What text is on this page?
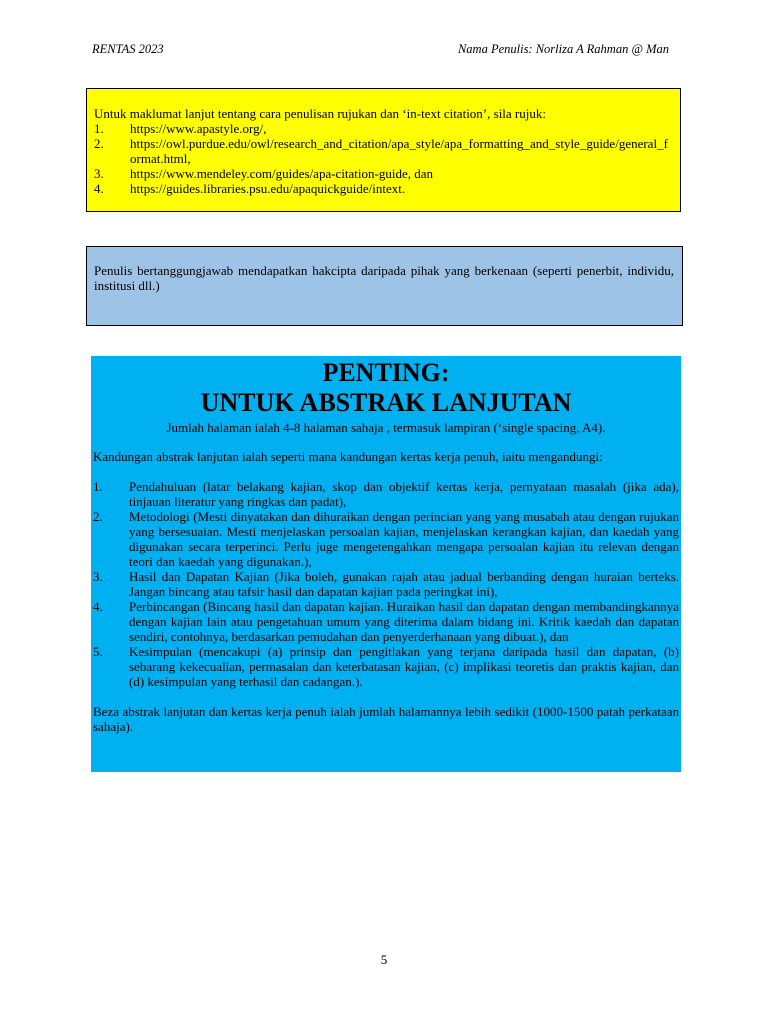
RENTAS 2023	Nama Penulis: Norliza A Rahman @ Man
Untuk maklumat lanjut tentang cara penulisan rujukan dan ‘in-text citation’, sila rujuk:
1.	https://www.apastyle.org/,
2.	https://owl.purdue.edu/owl/research_and_citation/apa_style/apa_formatting_and_style_guide/general_format.html,
3.	https://www.mendeley.com/guides/apa-citation-guide, dan
4.	https://guides.libraries.psu.edu/apaquickguide/intext.
Penulis bertanggungjawab mendapatkan hakcipta daripada pihak yang berkenaan (seperti penerbit, individu, institusi dll.)
PENTING:
UNTUK ABSTRAK LANJUTAN
Jumlah halaman ialah 4-8 halaman sahaja , termasuk lampiran (‘single spacing, A4).
Kandungan abstrak lanjutan ialah seperti mana kandungan kertas kerja penuh, iaitu mengandungi:
1.	Pendahuluan (latar belakang kajian, skop dan objektif kertas kerja, pernyataan masalah (jika ada), tinjauan literatur yang ringkas dan padat),
2.	Metodologi (Mesti dinyatakan dan dihuraikan dengan perincian yang yang musabah atau dengan rujukan yang bersesuaian. Mesti menjelaskan persoalan kajian, menjelaskan kerangkan kajian, dan kaedah yang digunakan secara terperinci. Perlu juge mengetengahkan mengapa persoalan kajian itu relevan dengan teori dan kaedah yang digunakan.),
3.	Hasil dan Dapatan Kajian (Jika boleh, gunakan rajah atau jadual berbanding dengan huraian berteks. Jangan bincang atau tafsir hasil dan dapatan kajian pada peringkat ini),
4.	Perbincangan (Bincang hasil dan dapatan kajian. Huraikan hasil dan dapatan dengan membandingkannya dengan kajian lain atau pengetahuan umum yang diterima dalam bidang ini. Kritik kaedah dan dapatan sendiri, contohnya, berdasarkan pemudahan dan penyerderhanaan yang dibuat.), dan
5.	Kesimpulan (mencakupi (a) prinsip dan pengitlakan yang terjana daripada hasil dan dapatan, (b) sebarang kekecualian, permasalan dan keterbatasan kajian, (c) implikasi teoretis dan praktis kajian, dan (d) kesimpulan yang terhasil dan cadangan.).
Beza abstrak lanjutan dan kertas kerja penuh ialah jumlah halamannya lebih sedikit (1000-1500 patah perkataan sahaja).
5
